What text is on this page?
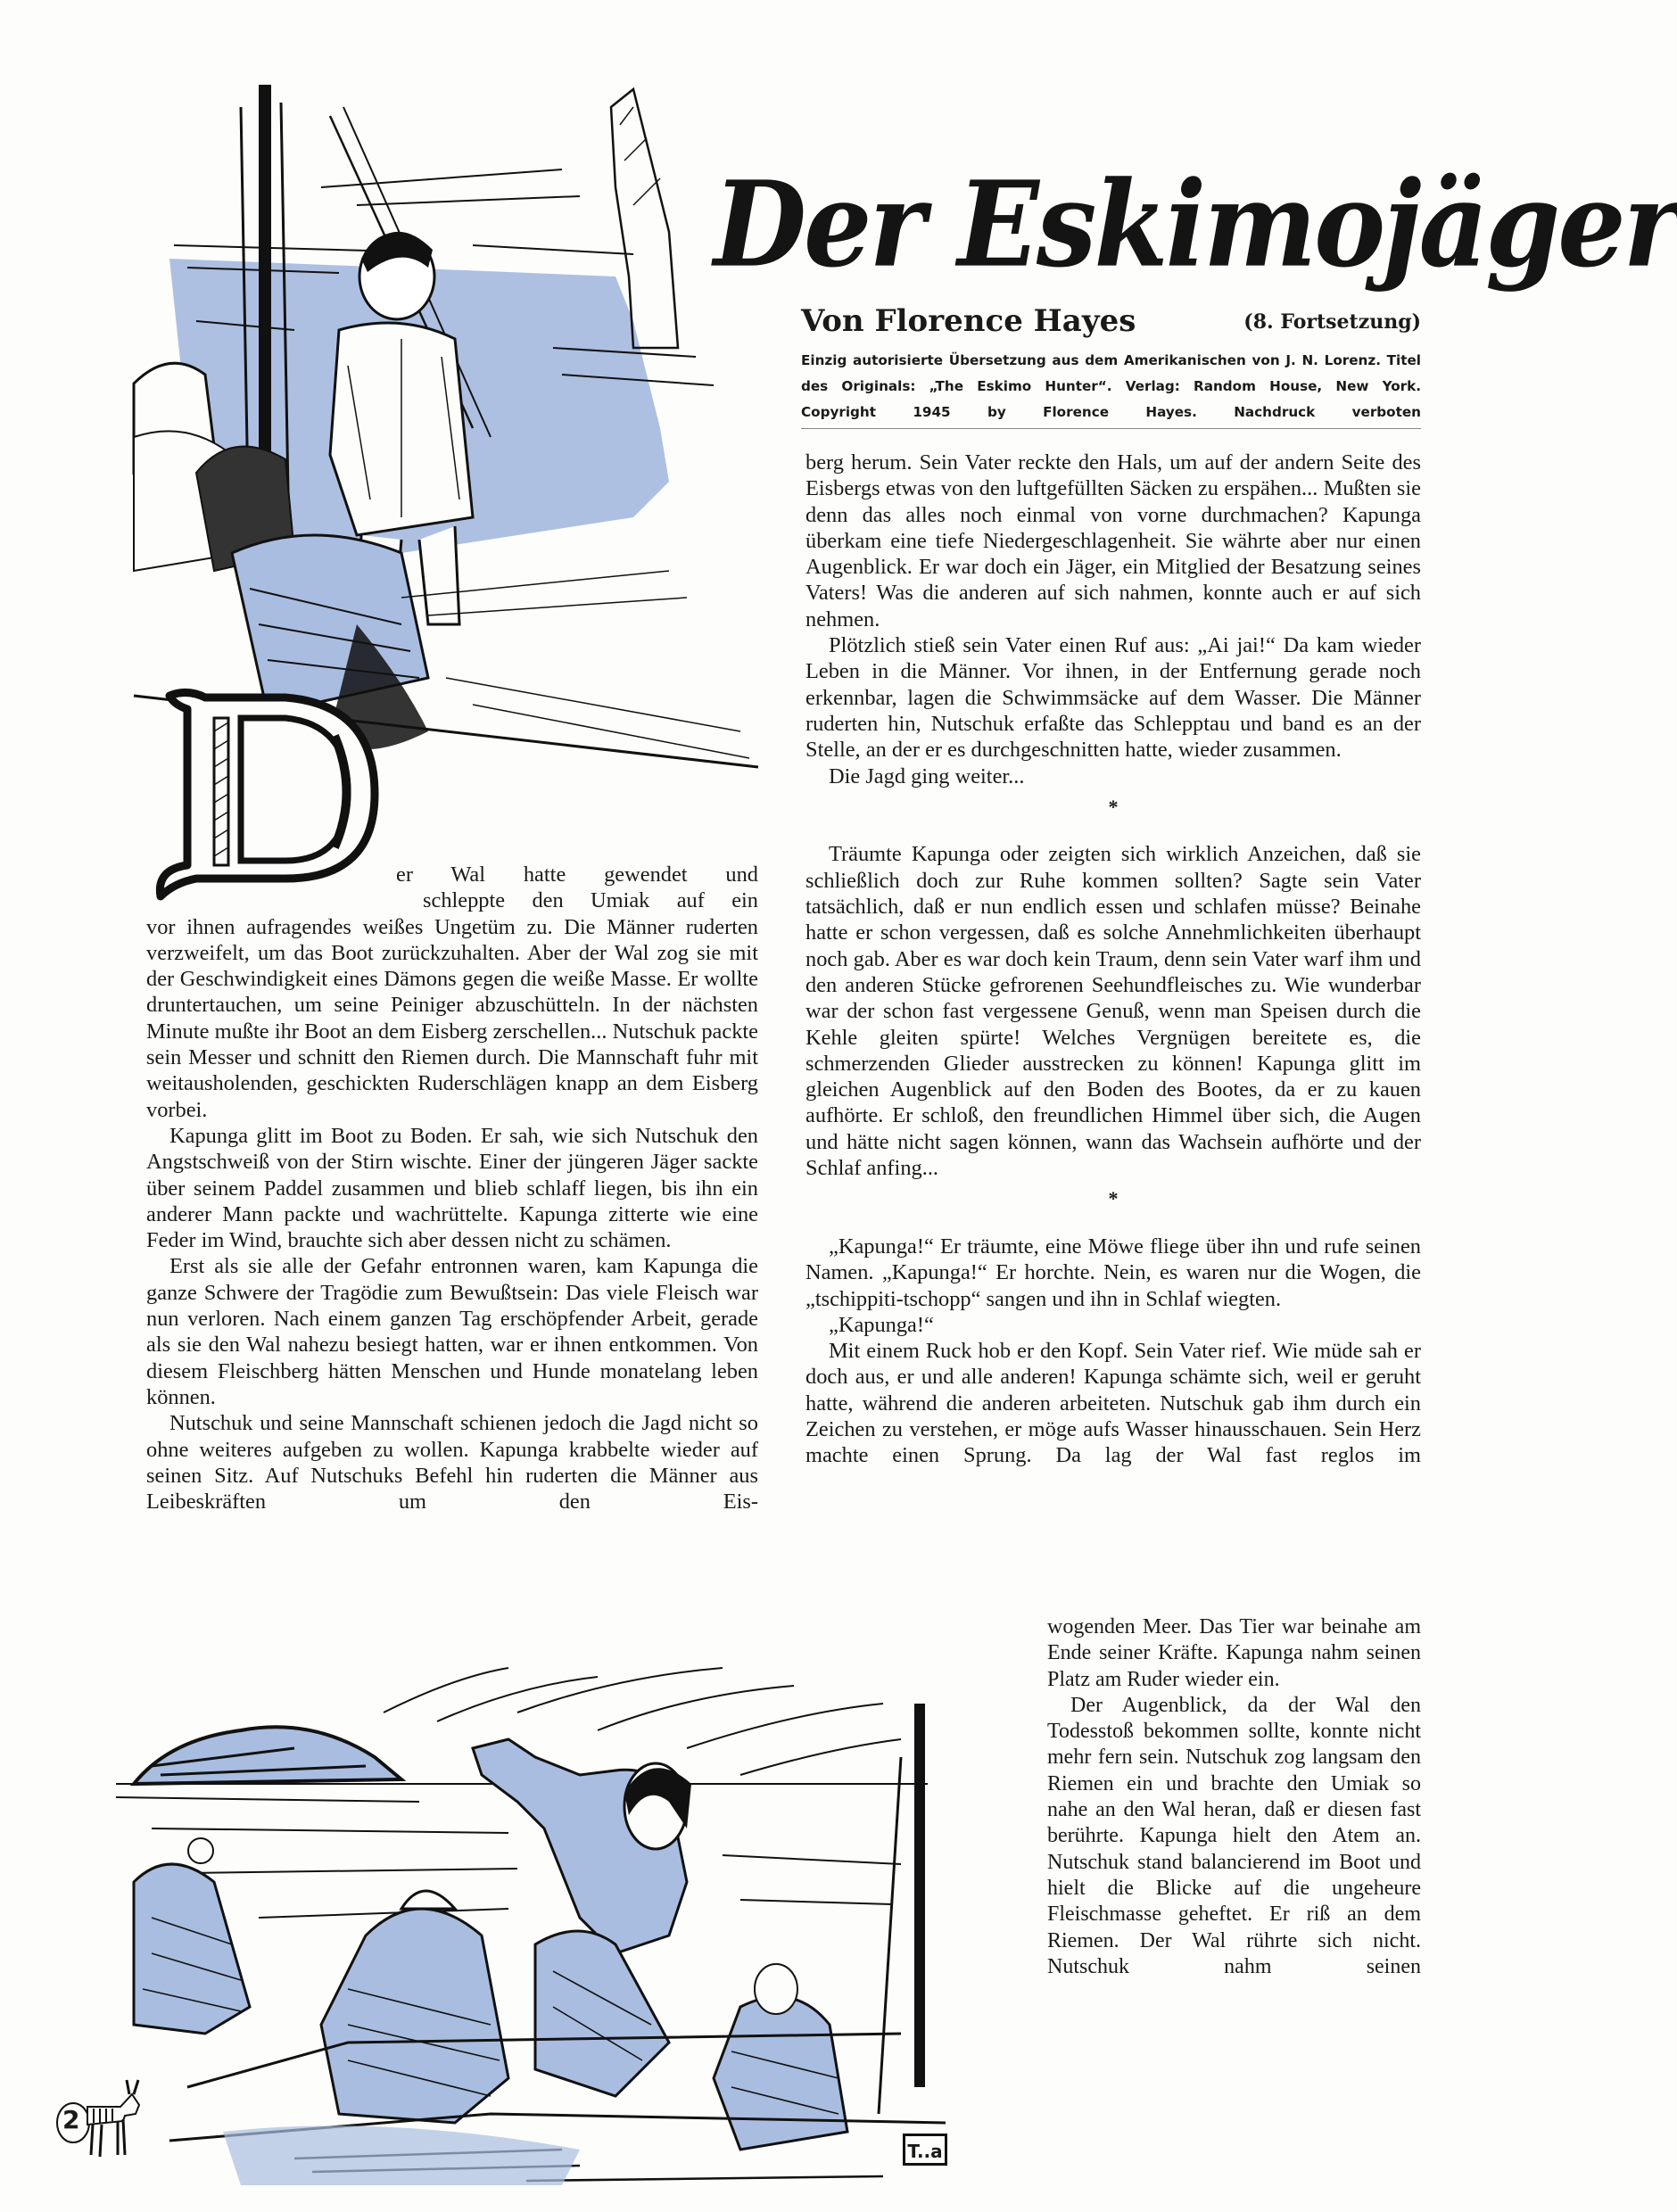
Der Eskimojäger
Von Florence Hayes	(8. Fortsetzung)
Einzig autorisierte Übersetzung aus dem Amerikanischen von J. N. Lorenz. Titel des Originals: „The Eskimo Hunter“. Verlag: Random House, New York. Copyright 1945 by Florence Hayes. Nachdruck verboten

er Wal hatte gewendet und

schleppte den Umiak auf ein

vor ihnen aufragendes weißes Ungetüm zu. Die Männer ruderten verzweifelt, um das Boot zurückzuhalten. Aber der Wal zog sie mit der Geschwindigkeit eines Dämons gegen die weiße Masse. Er wollte druntertauchen, um seine Peiniger abzuschütteln. In der nächsten Minute mußte ihr Boot an dem Eisberg zerschellen... Nutschuk packte sein Messer und schnitt den Riemen durch. Die Mannschaft fuhr mit weitausholenden, geschickten Ruderschlägen knapp an dem Eisberg vorbei.

Kapunga glitt im Boot zu Boden. Er sah, wie sich Nutschuk den Angstschweiß von der Stirn wischte. Einer der jüngeren Jäger sackte über seinem Paddel zusammen und blieb schlaff liegen, bis ihn ein anderer Mann packte und wachrüttelte. Kapunga zitterte wie eine Feder im Wind, brauchte sich aber dessen nicht zu schämen.

Erst als sie alle der Gefahr entronnen waren, kam Kapunga die ganze Schwere der Tragödie zum Bewußtsein: Das viele Fleisch war nun verloren. Nach einem ganzen Tag erschöpfender Arbeit, gerade als sie den Wal nahezu besiegt hatten, war er ihnen entkommen. Von diesem Fleischberg hätten Menschen und Hunde monatelang leben können.

Nutschuk und seine Mannschaft schienen jedoch die Jagd nicht so ohne weiteres aufgeben zu wollen. Kapunga krabbelte wieder auf seinen Sitz. Auf Nutschuks Befehl hin ruderten die Männer aus Leibeskräften um den Eis-

berg herum. Sein Vater reckte den Hals, um auf der andern Seite des Eisbergs etwas von den luftgefüllten Säcken zu erspähen... Mußten sie denn das alles noch einmal von vorne durchmachen? Kapunga überkam eine tiefe Niedergeschlagenheit. Sie währte aber nur einen Augenblick. Er war doch ein Jäger, ein Mitglied der Besatzung seines Vaters! Was die anderen auf sich nahmen, konnte auch er auf sich nehmen.

Plötzlich stieß sein Vater einen Ruf aus: „Ai jai!“ Da kam wieder Leben in die Männer. Vor ihnen, in der Entfernung gerade noch erkennbar, lagen die Schwimmsäcke auf dem Wasser. Die Männer ruderten hin, Nutschuk erfaßte das Schlepptau und band es an der Stelle, an der er es durchgeschnitten hatte, wieder zusammen.

Die Jagd ging weiter...

*

Träumte Kapunga oder zeigten sich wirklich Anzeichen, daß sie schließlich doch zur Ruhe kommen sollten? Sagte sein Vater tatsächlich, daß er nun endlich essen und schlafen müsse? Beinahe hatte er schon vergessen, daß es solche Annehmlichkeiten überhaupt noch gab. Aber es war doch kein Traum, denn sein Vater warf ihm und den anderen Stücke gefrorenen Seehundfleisches zu. Wie wunderbar war der schon fast vergessene Genuß, wenn man Speisen durch die Kehle gleiten spürte! Welches Vergnügen bereitete es, die schmerzenden Glieder ausstrecken zu können! Kapunga glitt im gleichen Augenblick auf den Boden des Bootes, da er zu kauen aufhörte. Er schloß, den freundlichen Himmel über sich, die Augen und hätte nicht sagen können, wann das Wachsein aufhörte und der Schlaf anfing...

*

„Kapunga!“ Er träumte, eine Möwe fliege über ihn und rufe seinen Namen. „Kapunga!“ Er horchte. Nein, es waren nur die Wogen, die „tschippiti-tschopp“ sangen und ihn in Schlaf wiegten.

„Kapunga!“

Mit einem Ruck hob er den Kopf. Sein Vater rief. Wie müde sah er doch aus, er und alle anderen! Kapunga schämte sich, weil er geruht hatte, während die anderen arbeiteten. Nutschuk gab ihm durch ein Zeichen zu verstehen, er möge aufs Wasser hinausschauen. Sein Herz machte einen Sprung. Da lag der Wal fast reglos im

wogenden Meer. Das Tier war beinahe am Ende seiner Kräfte. Kapunga nahm seinen Platz am Ruder wieder ein.

Der Augenblick, da der Wal den Todesstoß bekommen sollte, konnte nicht mehr fern sein. Nutschuk zog langsam den Riemen ein und brachte den Umiak so nahe an den Wal heran, daß er diesen fast berührte. Kapunga hielt den Atem an. Nutschuk stand balancierend im Boot und hielt die Blicke auf die ungeheure Fleischmasse geheftet. Er riß an dem Riemen. Der Wal rührte sich nicht. Nutschuk nahm seinen

T..a
2
